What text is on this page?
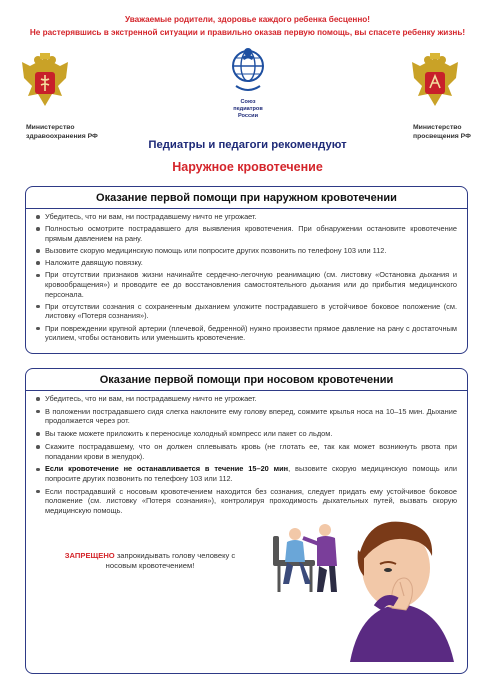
Уважаемые родители, здоровье каждого ребенка бесценно!
Не растерявшись в экстренной ситуации и правильно оказав первую помощь, вы спасете ребенку жизнь!
Министерство
здравоохранения РФ
Союз
педиатров
России
Министерство
просвещения РФ
Педиатры и педагоги рекомендуют
Наружное кровотечение
Оказание первой помощи при наружном кровотечении
Убедитесь, что ни вам, ни пострадавшему ничто не угрожает.
Полностью осмотрите пострадавшего для выявления кровотечения. При обнаружении остановите кровотечение прямым давлением на рану.
Вызовите скорую медицинскую помощь или попросите других позвонить по телефону 103 или 112.
Наложите давящую повязку.
При отсутствии признаков жизни начинайте сердечно-легочную реанимацию (см. листовку «Остановка дыхания и кровообращения») и проводите ее до восстановления самостоятельного дыхания или до прибытия медицинского персонала.
При отсутствии сознания с сохраненным дыханием уложите пострадавшего в устойчивое боковое положение (см. листовку «Потеря сознания»).
При повреждении крупной артерии (плечевой, бедренной) нужно произвести прямое давление на рану с достаточным усилием, чтобы остановить или уменьшить кровотечение.
Оказание первой помощи при носовом кровотечении
Убедитесь, что ни вам, ни пострадавшему ничто не угрожает.
В положении пострадавшего сидя слегка наклоните ему голову вперед, сожмите крылья носа на 10–15 мин. Дыхание продолжается через рот.
Вы также можете приложить к переносице холодный компресс или пакет со льдом.
Скажите пострадавшему, что он должен сплевывать кровь (не глотать ее, так как может возникнуть рвота при попадании крови в желудок).
Если кровотечение не останавливается в течение 15–20 мин, вызовите скорую медицинскую помощь или попросите других позвонить по телефону 103 или 112.
Если пострадавший с носовым кровотечением находится без сознания, следует придать ему устойчивое боковое положение (см. листовку «Потеря сознания»), контролируя проходимость дыхательных путей, вызвать скорую медицинскую помощь.
ЗАПРЕЩЕНО запрокидывать голову человеку с носовым кровотечением!
